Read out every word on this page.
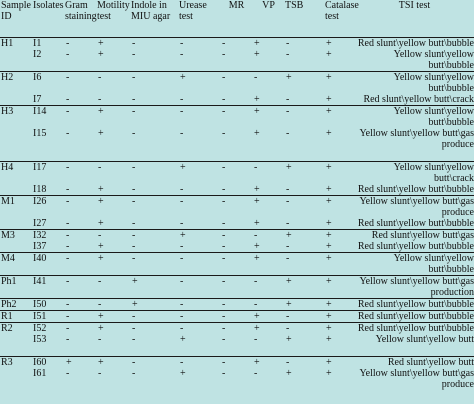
Sample ID	Isolates	Gram staining	Motility test	Indole in MIU agar	Urease test	MR	VP	TSB	Catalase test	TSI test
H1	I1	-	+	-	-	-	+	-	+	Red slunt\yellow butt\bubble
	I2	-	+	-	-	-	+	-	+	Yellow slunt\yellow butt\bubble
H2	I6	-	-	-	+	-	-	+	+	Yellow slunt\yellow butt\bubble
	I7	-	-	-	-	-	+	-	+	Red slunt\yellow butt\crack
H3	I14	-	+	-	-	-	+	-	+	Yellow slunt\yellow butt\bubble
	I15	-	+	-	-	-	+	-	+	Yellow slunt\yellow butt\gas produce
H4	I17	-	-	-	+	-	-	+	+	Yellow slunt\yellow butt\crack
	I18	-	+	-	-	-	+	-	+	Red slunt\yellow butt\bubble
M1	I26	-	+	-	-	-	+	-	+	Yellow slunt\yellow butt\gas produce
	I27	-	+	-	-	-	+	-	+	Red slunt\yellow butt\bubble
M3	I32	-	-	-	+	-	-	+	+	Red slunt\yellow butt\gas
	I37	-	+	-	-	-	+	-	+	Red slunt\yellow butt\bubble
M4	I40	-	+	-	-	-	+	-	+	Yellow slunt\yellow butt\bubble
Ph1	I41	-	-	+	-	-	-	+	+	Yellow slunt\yellow butt\gas production
Ph2	I50	-	-	+	-	-	-	+	+	Red slunt\yellow butt\bubble
R1	I51	-	+	-	-	-	+	-	+	Red slunt\yellow butt\bubble
R2	I52	-	+	-	-	-	+	-	+	Red slunt\yellow butt\bubble
	I53	-	-	-	+	-	-	+	+	Yellow slunt\yellow butt
R3	I60	+	+	-	-	-	+	-	+	Red slunt\yellow butt
	I61	-	-	-	+	-	-	+	+	Yellow slunt\yellow butt\gas produce
